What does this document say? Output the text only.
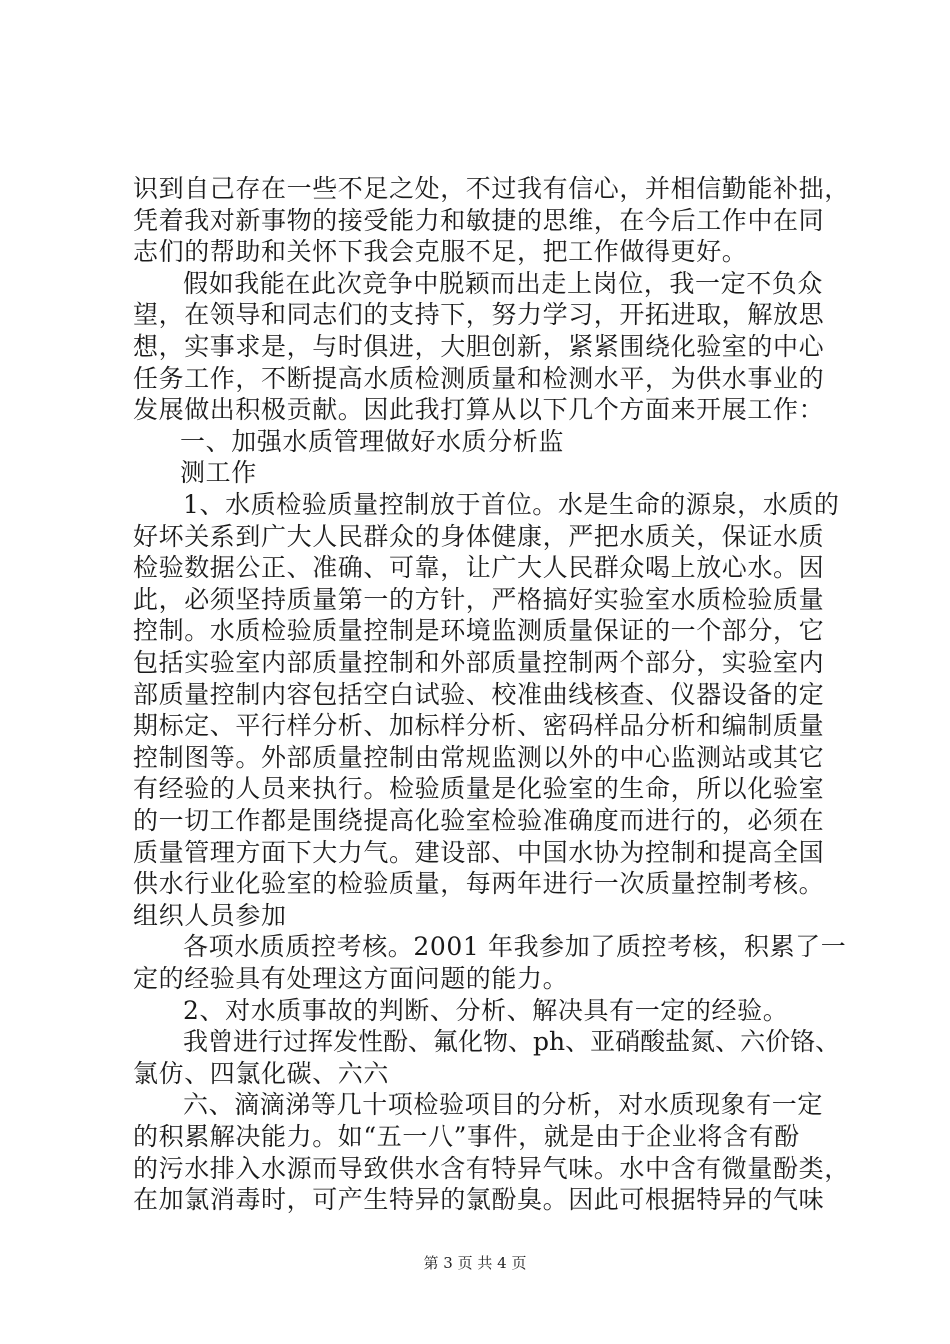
识到自己存在一些不足之处，不过我有信心，并相信勤能补拙，
凭着我对新事物的接受能力和敏捷的思维，在今后工作中在同
志们的帮助和关怀下我会克服不足，把工作做得更好。
假如我能在此次竞争中脱颖而出走上岗位，我一定不负众
望，在领导和同志们的支持下，努力学习，开拓进取，解放思
想，实事求是，与时俱进，大胆创新，紧紧围绕化验室的中心
任务工作，不断提高水质检测质量和检测水平，为供水事业的
发展做出积极贡献。因此我打算从以下几个方面来开展工作：
一、加强水质管理做好水质分析监
测工作
1、水质检验质量控制放于首位。水是生命的源泉，水质的
好坏关系到广大人民群众的身体健康，严把水质关，保证水质
检验数据公正、准确、可靠，让广大人民群众喝上放心水。因
此，必须坚持质量第一的方针，严格搞好实验室水质检验质量
控制。水质检验质量控制是环境监测质量保证的一个部分，它
包括实验室内部质量控制和外部质量控制两个部分，实验室内
部质量控制内容包括空白试验、校准曲线核查、仪器设备的定
期标定、平行样分析、加标样分析、密码样品分析和编制质量
控制图等。外部质量控制由常规监测以外的中心监测站或其它
有经验的人员来执行。检验质量是化验室的生命，所以化验室
的一切工作都是围绕提高化验室检验准确度而进行的，必须在
质量管理方面下大力气。建设部、中国水协为控制和提高全国
供水行业化验室的检验质量，每两年进行一次质量控制考核。
组织人员参加
各项水质质控考核。2001 年我参加了质控考核，积累了一
定的经验具有处理这方面问题的能力。
2、对水质事故的判断、分析、解决具有一定的经验。
我曾进行过挥发性酚、氟化物、ph、亚硝酸盐氮、六价铬、
氯仿、四氯化碳、六六
六、滴滴涕等几十项检验项目的分析，对水质现象有一定
的积累解决能力。如“五一八”事件，就是由于企业将含有酚
的污水排入水源而导致供水含有特异气味。水中含有微量酚类，
在加氯消毒时，可产生特异的氯酚臭。因此可根据特异的气味
第 3 页 共 4 页
